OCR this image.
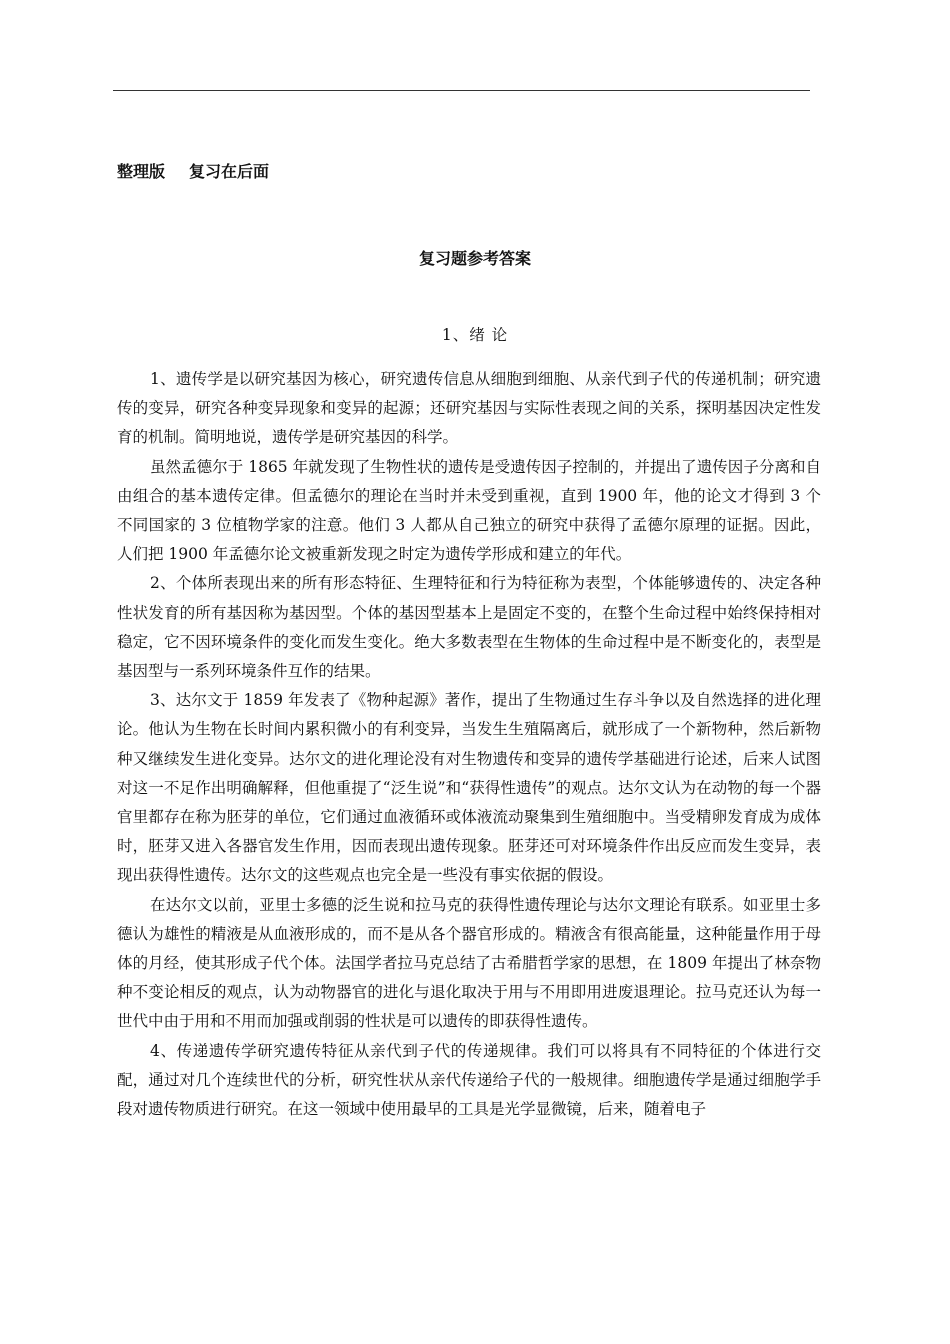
整理版 复习在后面
复习题参考答案
1、绪 论

1、遗传学是以研究基因为核心，研究遗传信息从细胞到细胞、从亲代到子代的传递机制；研究遗传的变异，研究各种变异现象和变异的起源；还研究基因与实际性表现之间的关系，探明基因决定性发育的机制。简明地说，遗传学是研究基因的科学。

虽然孟德尔于 1865 年就发现了生物性状的遗传是受遗传因子控制的，并提出了遗传因子分离和自由组合的基本遗传定律。但孟德尔的理论在当时并未受到重视，直到 1900 年，他的论文才得到 3 个不同国家的 3 位植物学家的注意。他们 3 人都从自己独立的研究中获得了孟德尔原理的证据。因此，人们把 1900 年孟德尔论文被重新发现之时定为遗传学形成和建立的年代。

2、个体所表现出来的所有形态特征、生理特征和行为特征称为表型，个体能够遗传的、决定各种性状发育的所有基因称为基因型。个体的基因型基本上是固定不变的，在整个生命过程中始终保持相对稳定，它不因环境条件的变化而发生变化。绝大多数表型在生物体的生命过程中是不断变化的，表型是基因型与一系列环境条件互作的结果。

3、达尔文于 1859 年发表了《物种起源》著作，提出了生物通过生存斗争以及自然选择的进化理论。他认为生物在长时间内累积微小的有利变异，当发生生殖隔离后，就形成了一个新物种，然后新物种又继续发生进化变异。达尔文的进化理论没有对生物遗传和变异的遗传学基础进行论述，后来人试图对这一不足作出明确解释，但他重提了“泛生说”和“获得性遗传”的观点。达尔文认为在动物的每一个器官里都存在称为胚芽的单位，它们通过血液循环或体液流动聚集到生殖细胞中。当受精卵发育成为成体时，胚芽又进入各器官发生作用，因而表现出遗传现象。胚芽还可对环境条件作出反应而发生变异，表现出获得性遗传。达尔文的这些观点也完全是一些没有事实依据的假设。

在达尔文以前，亚里士多德的泛生说和拉马克的获得性遗传理论与达尔文理论有联系。如亚里士多德认为雄性的精液是从血液形成的，而不是从各个器官形成的。精液含有很高能量，这种能量作用于母体的月经，使其形成子代个体。法国学者拉马克总结了古希腊哲学家的思想，在 1809 年提出了林奈物种不变论相反的观点，认为动物器官的进化与退化取决于用与不用即用进废退理论。拉马克还认为每一世代中由于用和不用而加强或削弱的性状是可以遗传的即获得性遗传。

4、传递遗传学研究遗传特征从亲代到子代的传递规律。我们可以将具有不同特征的个体进行交配，通过对几个连续世代的分析，研究性状从亲代传递给子代的一般规律。细胞遗传学是通过细胞学手段对遗传物质进行研究。在这一领域中使用最早的工具是光学显微镜，后来，随着电子
